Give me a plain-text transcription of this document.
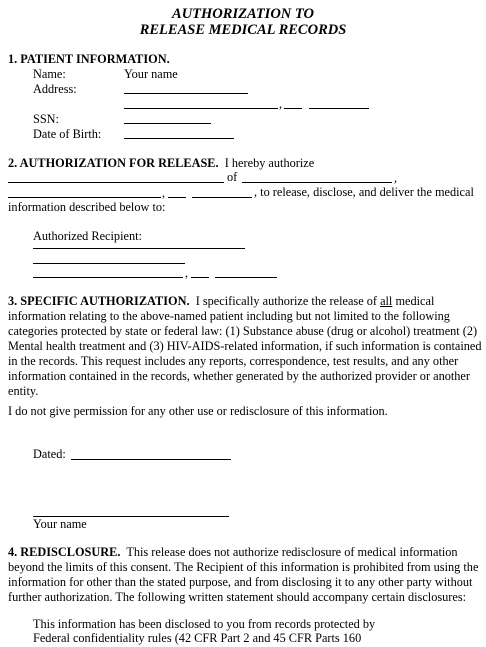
AUTHORIZATION TO
RELEASE MEDICAL RECORDS
1. PATIENT INFORMATION.
Name:	Your name
Address:
,
SSN:
Date of Birth:
2. AUTHORIZATION FOR RELEASE. I hereby authorize
of	,
,	, to release, disclose, and deliver the medical
information described below to:
Authorized Recipient:
,
3. SPECIFIC AUTHORIZATION. I specifically authorize the release of all medical
information relating to the above-named patient including but not limited to the following
categories protected by state or federal law: (1) Substance abuse (drug or alcohol) treatment (2)
Mental health treatment and (3) HIV-AIDS-related information, if such information is contained
in the records. This request includes any reports, correspondence, test results, and any other
information contained in the records, whether generated by the authorized provider or another
entity.
I do not give permission for any other use or redisclosure of this information.
Dated:
Your name
4. REDISCLOSURE. This release does not authorize redisclosure of medical information
beyond the limits of this consent. The Recipient of this information is prohibited from using the
information for other than the stated purpose, and from disclosing it to any other party without
further authorization. The following written statement should accompany certain disclosures:
This information has been disclosed to you from records protected by
Federal confidentiality rules (42 CFR Part 2 and 45 CFR Parts 160
